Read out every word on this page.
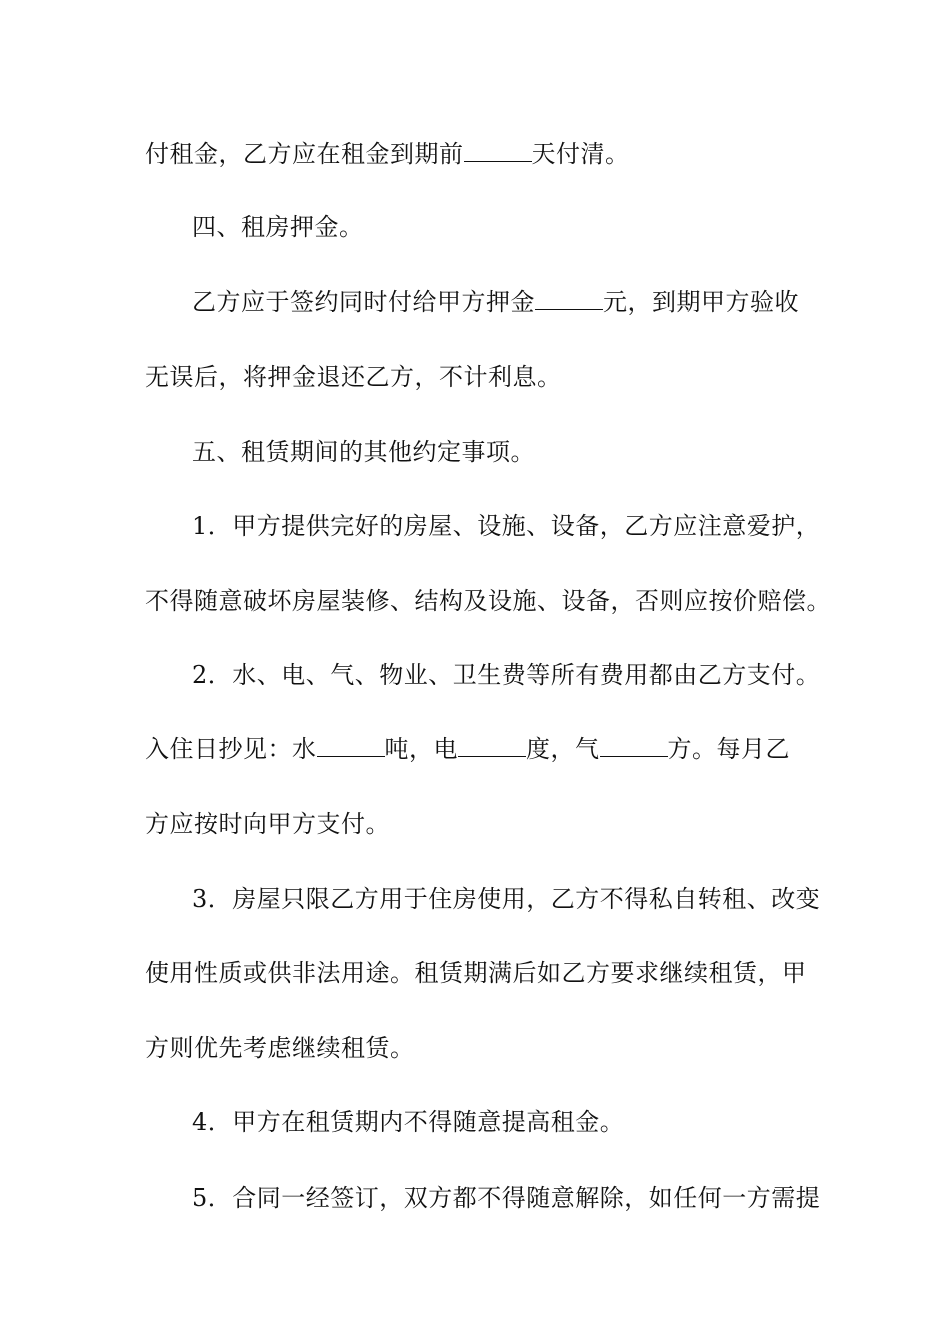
付租金，乙方应在租金到期前	天付清。
四、租房押金。
乙方应于签约同时付给甲方押金	元，到期甲方验收
无误后，将押金退还乙方，不计利息。
五、租赁期间的其他约定事项。
1．甲方提供完好的房屋、设施、设备，乙方应注意爱护，
不得随意破坏房屋装修、结构及设施、设备，否则应按价赔偿。
2．水、电、气、物业、卫生费等所有费用都由乙方支付。
入住日抄见：水	吨，电	度，气	方。每月乙
方应按时向甲方支付。
3．房屋只限乙方用于住房使用，乙方不得私自转租、改变
使用性质或供非法用途。租赁期满后如乙方要求继续租赁，甲
方则优先考虑继续租赁。
4．甲方在租赁期内不得随意提高租金。
5．合同一经签订，双方都不得随意解除，如任何一方需提
